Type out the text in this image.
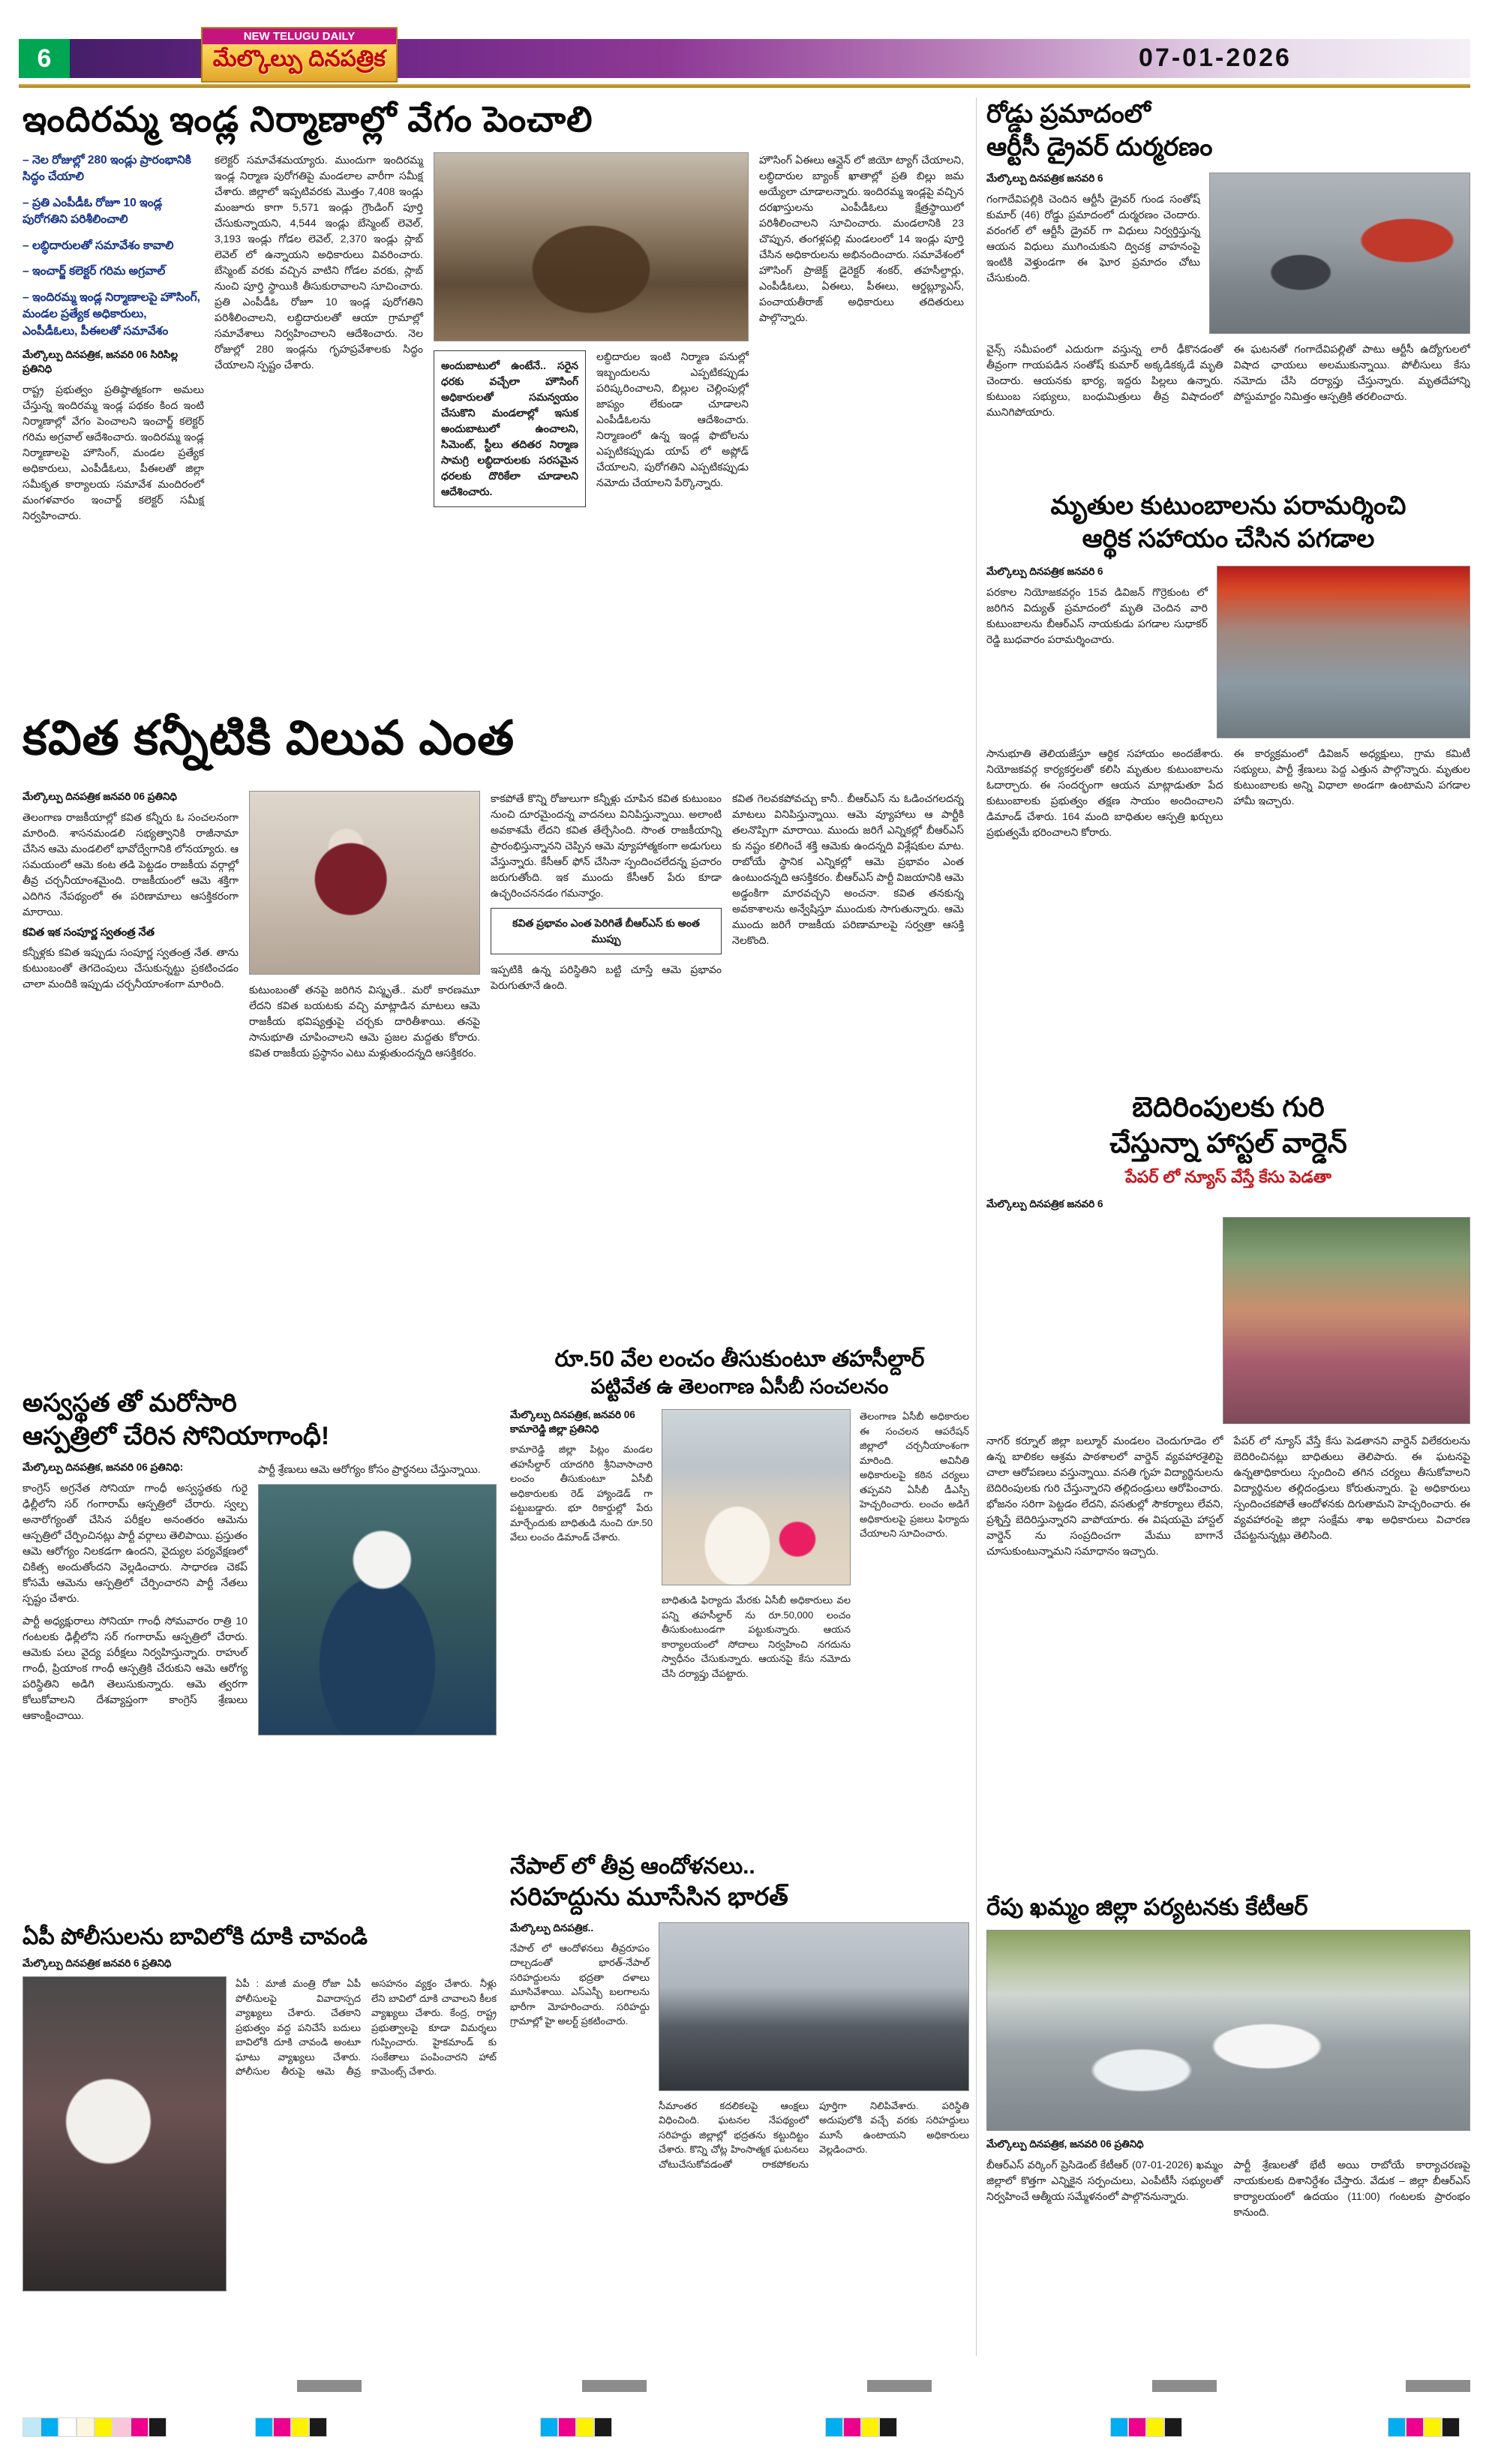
6
NEW TELUGU DAILY
మేల్కొల్పు దినపత్రిక	07-01-2026
ఇందిరమ్మ ఇండ్ల నిర్మాణాల్లో వేగం పెంచాలి
– నెల రోజుల్లో 280 ఇండ్లు ప్రారంభానికి సిద్ధం చేయాలి
– ప్రతి ఎంపీడీఓ రోజూ 10 ఇండ్ల పురోగతిని పరిశీలించాలి
– లబ్ధిదారులతో సమావేశం కావాలి
– ఇంచార్జ్ కలెక్టర్ గరిమ అగ్రవాల్
– ఇందిరమ్మ ఇండ్ల నిర్మాణాలపై హౌసింగ్, మండల ప్రత్యేక అధికారులు, ఎంపీడీఓలు, పీఈలతో సమావేశం
మేల్కొల్పు దినపత్రిక, జనవరి 06 సిరిసిల్ల ప్రతినిధి

రాష్ట్ర ప్రభుత్వం ప్రతిష్ఠాత్మకంగా అమలు చేస్తున్న ఇందిరమ్మ ఇండ్ల పథకం కింద ఇంటి నిర్మాణాల్లో వేగం పెంచాలని ఇంచార్జ్ కలెక్టర్ గరిమ అగ్రవాల్ ఆదేశించారు. ఇందిరమ్మ ఇండ్ల నిర్మాణాలపై హౌసింగ్, మండల ప్రత్యేక అధికారులు, ఎంపీడీఓలు, పీఈలతో జిల్లా సమీకృత కార్యాలయ సమావేశ మందిరంలో మంగళవారం ఇంచార్జ్ కలెక్టర్ సమీక్ష నిర్వహించారు.

కలెక్టర్ సమావేశమయ్యారు. ముందుగా ఇందిరమ్మ ఇండ్ల నిర్మాణ పురోగతిపై మండలాల వారీగా సమీక్ష చేశారు. జిల్లాలో ఇప్పటివరకు మొత్తం 7,408 ఇండ్లు మంజూరు కాగా 5,571 ఇండ్లు గ్రౌండింగ్ పూర్తి చేసుకున్నాయని, 4,544 ఇండ్లు బేస్మెంట్ లెవెల్, 3,193 ఇండ్లు గోడల లెవెల్, 2,370 ఇండ్లు స్లాబ్ లెవెల్ లో ఉన్నాయని అధికారులు వివరించారు. బేస్మెంట్ వరకు వచ్చిన వాటిని గోడల వరకు, స్లాబ్ నుంచి పూర్తి స్థాయికి తీసుకురావాలని సూచించారు. ప్రతి ఎంపీడీఓ రోజూ 10 ఇండ్ల పురోగతిని పరిశీలించాలని, లబ్ధిదారులతో ఆయా గ్రామాల్లో సమావేశాలు నిర్వహించాలని ఆదేశించారు. నెల రోజుల్లో 280 ఇండ్లను గృహప్రవేశాలకు సిద్ధం చేయాలని స్పష్టం చేశారు.	అందుబాటులో ఉంటేనే.. సరైన ధరకు వచ్చేలా హౌసింగ్ అధికారులతో సమన్వయం చేసుకొని మండలాల్లో ఇసుక అందుబాటులో ఉంచాలని, సిమెంట్, స్టీలు తదితర నిర్మాణ సామగ్రి లబ్ధిదారులకు సరసమైన ధరలకు దొరికేలా చూడాలని ఆదేశించారు.

లబ్ధిదారుల ఇంటి నిర్మాణ పనుల్లో ఇబ్బందులను ఎప్పటికప్పుడు పరిష్కరించాలని, బిల్లుల చెల్లింపుల్లో జాప్యం లేకుండా చూడాలని ఎంపీడీఓలను ఆదేశించారు. నిర్మాణంలో ఉన్న ఇండ్ల ఫొటోలను ఎప్పటికప్పుడు యాప్ లో అప్లోడ్ చేయాలని, పురోగతిని ఎప్పటికప్పుడు నమోదు చేయాలని పేర్కొన్నారు.

హౌసింగ్ ఏఈలు ఆన్లైన్ లో జియో ట్యాగ్ చేయాలని, లబ్ధిదారుల బ్యాంక్ ఖాతాల్లో ప్రతి బిల్లు జమ అయ్యేలా చూడాలన్నారు. ఇందిరమ్మ ఇండ్లపై వచ్చిన దరఖాస్తులను ఎంపీడీఓలు క్షేత్రస్థాయిలో పరిశీలించాలని సూచించారు. మండలానికి 23 చొప్పున, తంగళ్లపల్లి మండలంలో 14 ఇండ్లు పూర్తి చేసిన అధికారులను అభినందించారు. సమావేశంలో హౌసింగ్ ప్రాజెక్ట్ డైరెక్టర్ శంకర్, తహసీల్దార్లు, ఎంపీడీఓలు, ఏఈలు, పీఈలు, ఆర్డబ్ల్యూఎస్, పంచాయతీరాజ్ అధికారులు తదితరులు పాల్గొన్నారు.

రోడ్డు ప్రమాదంలో
ఆర్టీసీ డ్రైవర్ దుర్మరణం
మేల్కొల్పు దినపత్రిక జనవరి 6

గంగాదేవిపల్లికి చెందిన ఆర్టీసీ డ్రైవర్ గుండ సంతోష్ కుమార్ (46) రోడ్డు ప్రమాదంలో దుర్మరణం చెందారు. వరంగల్ లో ఆర్టీసీ డ్రైవర్ గా విధులు నిర్వర్తిస్తున్న ఆయన విధులు ముగించుకుని ద్విచక్ర వాహనంపై ఇంటికి వెళ్తుండగా ఈ ఘోర ప్రమాదం చోటు చేసుకుంది.

వైన్స్ సమీపంలో ఎదురుగా వస్తున్న లారీ ఢీకొనడంతో తీవ్రంగా గాయపడిన సంతోష్ కుమార్ అక్కడికక్కడే మృతి చెందారు. ఆయనకు భార్య, ఇద్దరు పిల్లలు ఉన్నారు. కుటుంబ సభ్యులు, బంధుమిత్రులు తీవ్ర విషాదంలో మునిగిపోయారు.

ఈ ఘటనతో గంగాదేవిపల్లితో పాటు ఆర్టీసీ ఉద్యోగులలో విషాద ఛాయలు అలముకున్నాయి. పోలీసులు కేసు నమోదు చేసి దర్యాప్తు చేస్తున్నారు. మృతదేహాన్ని పోస్టుమార్టం నిమిత్తం ఆస్పత్రికి తరలించారు.

మృతుల కుటుంబాలను పరామర్శించి
ఆర్థిక సహాయం చేసిన పగడాల
మేల్కొల్పు దినపత్రిక జనవరి 6

పరకాల నియోజకవర్గం 15వ డివిజన్ గొర్రెకుంట లో జరిగిన విద్యుత్ ప్రమాదంలో మృతి చెందిన వారి కుటుంబాలను బీఆర్ఎస్ నాయకుడు పగడాల సుధాకర్ రెడ్డి బుధవారం పరామర్శించారు.

సానుభూతి తెలియజేస్తూ ఆర్థిక సహాయం అందజేశారు. నియోజకవర్గ కార్యకర్తలతో కలిసి మృతుల కుటుంబాలను ఓదార్చారు. ఈ సందర్భంగా ఆయన మాట్లాడుతూ పేద కుటుంబాలకు ప్రభుత్వం తక్షణ సాయం అందించాలని డిమాండ్ చేశారు. 164 మంది బాధితుల ఆస్పత్రి ఖర్చులు ప్రభుత్వమే భరించాలని కోరారు.

ఈ కార్యక్రమంలో డివిజన్ అధ్యక్షులు, గ్రామ కమిటీ సభ్యులు, పార్టీ శ్రేణులు పెద్ద ఎత్తున పాల్గొన్నారు. మృతుల కుటుంబాలకు అన్ని విధాలా అండగా ఉంటామని పగడాల హామీ ఇచ్చారు.

కవిత కన్నీటికి విలువ ఎంత
మేల్కొల్పు దినపత్రిక జనవరి 06 ప్రతినిధి

తెలంగాణ రాజకీయాల్లో కవిత కన్నీరు ఓ సంచలనంగా మారింది. శాసనమండలి సభ్యత్వానికి రాజీనామా చేసిన ఆమె మండలిలో భావోద్వేగానికి లోనయ్యారు. ఆ సమయంలో ఆమె కంట తడి పెట్టడం రాజకీయ వర్గాల్లో తీవ్ర చర్చనీయాంశమైంది. రాజకీయంలో ఆమె శక్తిగా ఎదిగిన నేపథ్యంలో ఈ పరిణామాలు ఆసక్తికరంగా మారాయి.

కవిత ఇక సంపూర్ణ స్వతంత్ర నేత

కన్నీళ్లకు కవిత ఇప్పుడు సంపూర్ణ స్వతంత్ర నేత. తాను కుటుంబంతో తెగదెంపులు చేసుకున్నట్టు ప్రకటించడం చాలా మందికి ఇప్పుడు చర్చనీయాంశంగా మారింది.	కుటుంబంతో తనపై జరిగిన విస్మృతే.. మరో కారణమూ లేదని కవిత బయటకు వచ్చి మాట్లాడిన మాటలు ఆమె రాజకీయ భవిష్యత్తుపై చర్చకు దారితీశాయి. తనపై సానుభూతి చూపించాలని ఆమె ప్రజల మద్దతు కోరారు. కవిత రాజకీయ ప్రస్థానం ఎటు మళ్లుతుందన్నది ఆసక్తికరం.

కాకపోతే కొన్ని రోజులుగా కన్నీళ్లు చూపిన కవిత కుటుంబం నుంచి దూరమైందన్న వాదనలు వినిపిస్తున్నాయి. అలాంటి అవకాశమే లేదని కవిత తేల్చేసింది. సొంత రాజకీయాన్ని ప్రారంభిస్తున్నానని చెప్పిన ఆమె వ్యూహాత్మకంగా అడుగులు వేస్తున్నారు. కేసీఆర్ ఫోన్ చేసినా స్పందించలేదన్న ప్రచారం జరుగుతోంది. ఇక ముందు కేసీఆర్ పేరు కూడా ఉచ్ఛరించననడం గమనార్హం.

కవిత ప్రభావం ఎంత పెరిగితే బీఆర్ఎస్ కు అంత ముప్పు

ఇప్పటికి ఉన్న పరిస్థితిని బట్టి చూస్తే ఆమె ప్రభావం పెరుగుతూనే ఉంది.

కవిత గెలవకపోవచ్చు కానీ.. బీఆర్ఎస్ ను ఓడించగలదన్న మాటలు వినిపిస్తున్నాయి. ఆమె వ్యూహాలు ఆ పార్టీకి తలనొప్పిగా మారాయి. ముందు జరిగే ఎన్నికల్లో బీఆర్ఎస్ కు నష్టం కలిగించే శక్తి ఆమెకు ఉందన్నది విశ్లేషకుల మాట. రాబోయే స్థానిక ఎన్నికల్లో ఆమె ప్రభావం ఎంత ఉంటుందన్నది ఆసక్తికరం. బీఆర్ఎస్ పార్టీ విజయానికి ఆమె అడ్డంకిగా మారవచ్చని అంచనా. కవిత తనకున్న అవకాశాలను అన్వేషిస్తూ ముందుకు సాగుతున్నారు. ఆమె ముందు జరిగే రాజకీయ పరిణామాలపై సర్వత్రా ఆసక్తి నెలకొంది.

బెదిరింపులకు గురి
చేస్తున్నా హాస్టల్ వార్డెన్
పేపర్ లో న్యూస్ వేస్తే కేసు పెడతా
మేల్కొల్పు దినపత్రిక జనవరి 6

నాగర్ కర్నూల్ జిల్లా బల్మూర్ మండలం చెందుగూడెం లో ఉన్న బాలికల ఆశ్రమ పాఠశాలలో వార్డెన్ వ్యవహారశైలిపై చాలా ఆరోపణలు వస్తున్నాయి. వసతి గృహ విద్యార్థినులను బెదిరింపులకు గురి చేస్తున్నారని తల్లిదండ్రులు ఆరోపించారు. భోజనం సరిగా పెట్టడం లేదని, వసతుల్లో సౌకర్యాలు లేవని, ప్రశ్నిస్తే బెదిరిస్తున్నారని వాపోయారు. ఈ విషయమై హాస్టల్ వార్డెన్ ను సంప్రదించగా మేము బాగానే చూసుకుంటున్నామని సమాధానం ఇచ్చారు.

పేపర్ లో న్యూస్ వేస్తే కేసు పెడతానని వార్డెన్ విలేకరులను బెదిరించినట్లు బాధితులు తెలిపారు. ఈ ఘటనపై ఉన్నతాధికారులు స్పందించి తగిన చర్యలు తీసుకోవాలని విద్యార్థినుల తల్లిదండ్రులు కోరుతున్నారు. పై అధికారులు స్పందించకపోతే ఆందోళనకు దిగుతామని హెచ్చరించారు. ఈ వ్యవహారంపై జిల్లా సంక్షేమ శాఖ అధికారులు విచారణ చేపట్టనున్నట్లు తెలిసింది.

అస్వస్థత తో మరోసారి
ఆస్పత్రిలో చేరిన సోనియాగాంధీ!
మేల్కొల్పు దినపత్రిక, జనవరి 06 ప్రతినిధి:

కాంగ్రెస్ అగ్రనేత సోనియా గాంధీ అస్వస్థతకు గురై ఢిల్లీలోని సర్ గంగారామ్ ఆస్పత్రిలో చేరారు. స్వల్ప అనారోగ్యంతో చేసిన పరీక్షల అనంతరం ఆమెను ఆస్పత్రిలో చేర్పించినట్లు పార్టీ వర్గాలు తెలిపాయి. ప్రస్తుతం ఆమె ఆరోగ్యం నిలకడగా ఉందని, వైద్యుల పర్యవేక్షణలో చికిత్స అందుతోందని వెల్లడించారు. సాధారణ చెకప్ కోసమే ఆమెను ఆస్పత్రిలో చేర్పించారని పార్టీ నేతలు స్పష్టం చేశారు.

పార్టీ అధ్యక్షురాలు సోనియా గాంధీ సోమవారం రాత్రి 10 గంటలకు ఢిల్లీలోని సర్ గంగారామ్ ఆస్పత్రిలో చేరారు. ఆమెకు పలు వైద్య పరీక్షలు నిర్వహిస్తున్నారు. రాహుల్ గాంధీ, ప్రియాంక గాంధీ ఆస్పత్రికి చేరుకుని ఆమె ఆరోగ్య పరిస్థితిని అడిగి తెలుసుకున్నారు. ఆమె త్వరగా కోలుకోవాలని దేశవ్యాప్తంగా కాంగ్రెస్ శ్రేణులు ఆకాంక్షించాయి.

పార్టీ శ్రేణులు ఆమె ఆరోగ్యం కోసం ప్రార్థనలు చేస్తున్నాయి.

రూ.50 వేల లంచం తీసుకుంటూ తహసీల్దార్
పట్టివేత ఉ తెలంగాణ ఏసీబీ సంచలనం
మేల్కొల్పు దినపత్రిక, జనవరి 06 కామారెడ్డి జిల్లా ప్రతినిధి

కామారెడ్డి జిల్లా పిట్లం మండల తహసీల్దార్ యాదగిరి శ్రీనివాసాచారి లంచం తీసుకుంటూ ఏసీబీ అధికారులకు రెడ్ హ్యాండెడ్ గా పట్టుబడ్డారు. భూ రికార్డుల్లో పేరు మార్చేందుకు బాధితుడి నుంచి రూ.50 వేలు లంచం డిమాండ్ చేశారు.

బాధితుడి ఫిర్యాదు మేరకు ఏసీబీ అధికారులు వల పన్ని తహసీల్దార్ ను రూ.50,000 లంచం తీసుకుంటుండగా పట్టుకున్నారు. ఆయన కార్యాలయంలో సోదాలు నిర్వహించి నగదును స్వాధీనం చేసుకున్నారు. ఆయనపై కేసు నమోదు చేసి దర్యాప్తు చేపట్టారు.

తెలంగాణ ఏసీబీ అధికారుల ఈ సంచలన ఆపరేషన్ జిల్లాలో చర్చనీయాంశంగా మారింది. అవినీతి అధికారులపై కఠిన చర్యలు తప్పవని ఏసీబీ డీఎస్పీ హెచ్చరించారు. లంచం అడిగే అధికారులపై ప్రజలు ఫిర్యాదు చేయాలని సూచించారు.

నేపాల్ లో తీవ్ర ఆందోళనలు..
సరిహద్దును మూసేసిన భారత్
మేల్కొల్పు దినపత్రిక..

నేపాల్ లో ఆందోళనలు తీవ్రరూపం దాల్చడంతో భారత్-నేపాల్ సరిహద్దులను భద్రతా దళాలు మూసివేశాయి. ఎస్ఎస్బీ బలగాలను భారీగా మోహరించారు. సరిహద్దు గ్రామాల్లో హై అలర్ట్ ప్రకటించారు.

సీమాంతర కదలికలపై ఆంక్షలు విధించింది. ఘటనల నేపథ్యంలో సరిహద్దు జిల్లాల్లో భద్రతను కట్టుదిట్టం చేశారు. కొన్ని చోట్ల హింసాత్మక ఘటనలు చోటుచేసుకోవడంతో రాకపోకలను పూర్తిగా నిలిపివేశారు. పరిస్థితి అదుపులోకి వచ్చే వరకు సరిహద్దులు మూసే ఉంటాయని అధికారులు వెల్లడించారు.

ఏపీ పోలీసులను బావిలోకి దూకి చావండి
మేల్కొల్పు దినపత్రిక జనవరి 6 ప్రతినిధి

ఏపీ : మాజీ మంత్రి రోజా ఏపీ పోలీసులపై వివాదాస్పద వ్యాఖ్యలు చేశారు. చేతకాని ప్రభుత్వం వద్ద పనిచేసే బదులు బావిలోకి దూకి చావండి అంటూ ఘాటు వ్యాఖ్యలు చేశారు. పోలీసుల తీరుపై ఆమె తీవ్ర అసహనం వ్యక్తం చేశారు. నీళ్లు లేని బావిలో దూకి చావాలని కీలక వ్యాఖ్యలు చేశారు. కేంద్ర, రాష్ట్ర ప్రభుత్వాలపై కూడా విమర్శలు గుప్పించారు. హైకమాండ్ కు సంకేతాలు పంపించారని హాట్ కామెంట్స్ చేశారు.

రేపు ఖమ్మం జిల్లా పర్యటనకు కేటీఆర్
మేల్కొల్పు దినపత్రిక, జనవరి 06 ప్రతినిధి

బీఆర్ఎస్ వర్కింగ్ ప్రెసిడెంట్ కేటీఆర్ (07-01-2026) ఖమ్మం జిల్లాలో కొత్తగా ఎన్నికైన సర్పంచులు, ఎంపీటీసీ సభ్యులతో నిర్వహించే ఆత్మీయ సమ్మేళనంలో పాల్గొననున్నారు.

పార్టీ శ్రేణులతో భేటీ అయి రాబోయే కార్యాచరణపై నాయకులకు దిశానిర్దేశం చేస్తారు. వేడుక – జిల్లా బీఆర్ఎస్ కార్యాలయంలో ఉదయం (11:00) గంటలకు ప్రారంభం కానుంది.
